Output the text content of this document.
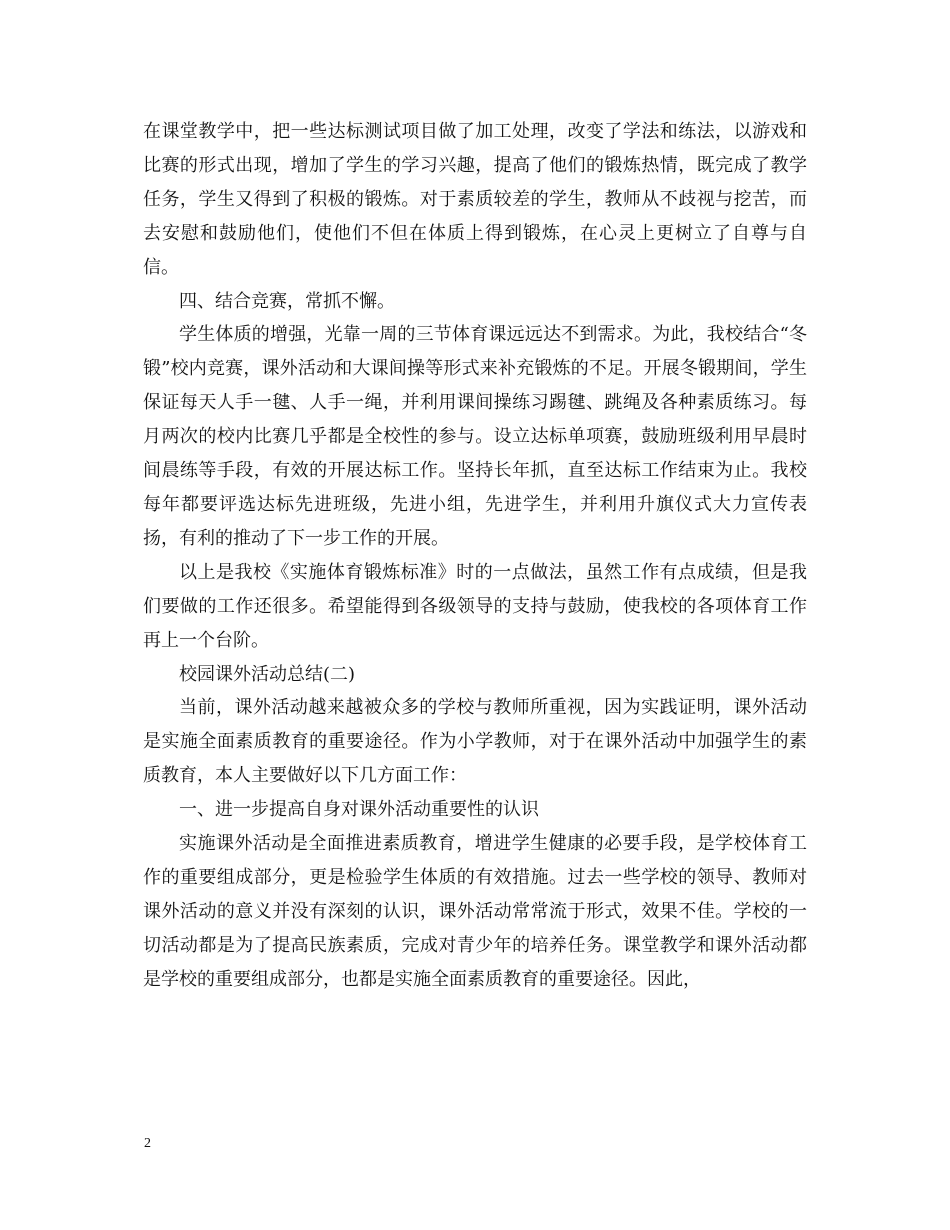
在课堂教学中，把一些达标测试项目做了加工处理，改变了学法和练法，以游戏和比赛的形式出现，增加了学生的学习兴趣，提高了他们的锻炼热情，既完成了教学任务，学生又得到了积极的锻炼。对于素质较差的学生，教师从不歧视与挖苦，而去安慰和鼓励他们，使他们不但在体质上得到锻炼，在心灵上更树立了自尊与自信。

四、结合竞赛，常抓不懈。

学生体质的增强，光靠一周的三节体育课远远达不到需求。为此，我校结合“冬锻”校内竞赛，课外活动和大课间操等形式来补充锻炼的不足。开展冬锻期间，学生保证每天人手一毽、人手一绳，并利用课间操练习踢毽、跳绳及各种素质练习。每月两次的校内比赛几乎都是全校性的参与。设立达标单项赛，鼓励班级利用早晨时间晨练等手段，有效的开展达标工作。坚持长年抓，直至达标工作结束为止。我校每年都要评选达标先进班级，先进小组，先进学生，并利用升旗仪式大力宣传表扬，有利的推动了下一步工作的开展。

以上是我校《实施体育锻炼标准》时的一点做法，虽然工作有点成绩，但是我们要做的工作还很多。希望能得到各级领导的支持与鼓励，使我校的各项体育工作再上一个台阶。

校园课外活动总结(二)

当前，课外活动越来越被众多的学校与教师所重视，因为实践证明，课外活动是实施全面素质教育的重要途径。作为小学教师，对于在课外活动中加强学生的素质教育，本人主要做好以下几方面工作：

一、进一步提高自身对课外活动重要性的认识

实施课外活动是全面推进素质教育，增进学生健康的必要手段，是学校体育工作的重要组成部分，更是检验学生体质的有效措施。过去一些学校的领导、教师对课外活动的意义并没有深刻的认识，课外活动常常流于形式，效果不佳。学校的一切活动都是为了提高民族素质，完成对青少年的培养任务。课堂教学和课外活动都是学校的重要组成部分，也都是实施全面素质教育的重要途径。因此，

2
